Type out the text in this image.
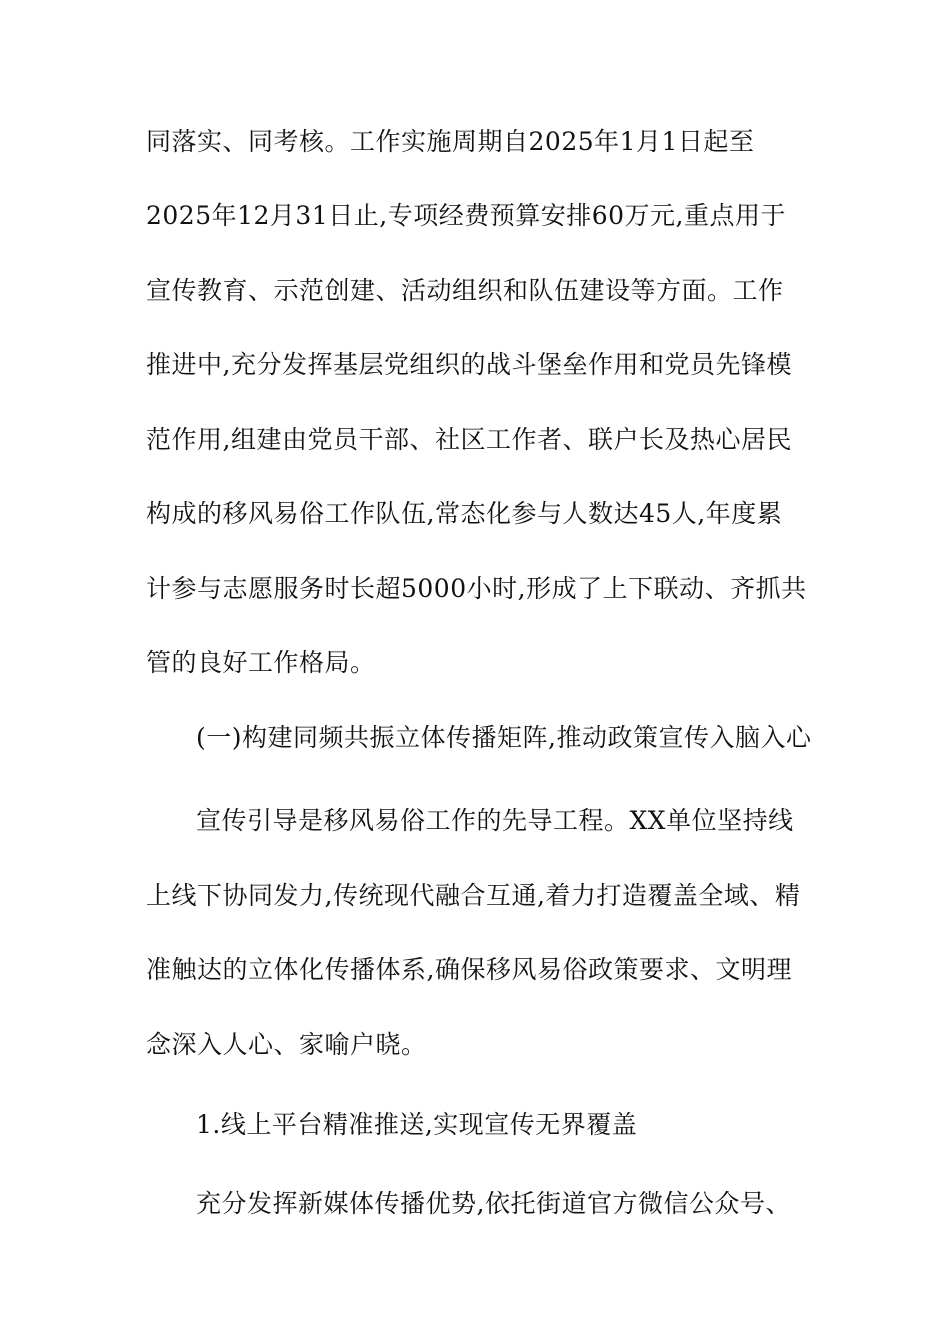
同落实、同考核。工作实施周期自2025年1月1日起至
2025年12月31日止,专项经费预算安排60万元,重点用于
宣传教育、示范创建、活动组织和队伍建设等方面。工作
推进中,充分发挥基层党组织的战斗堡垒作用和党员先锋模
范作用,组建由党员干部、社区工作者、联户长及热心居民
构成的移风易俗工作队伍,常态化参与人数达45人,年度累
计参与志愿服务时长超5000小时,形成了上下联动、齐抓共
管的良好工作格局。
(一)构建同频共振立体传播矩阵,推动政策宣传入脑入心
宣传引导是移风易俗工作的先导工程。XX单位坚持线
上线下协同发力,传统现代融合互通,着力打造覆盖全域、精
准触达的立体化传播体系,确保移风易俗政策要求、文明理
念深入人心、家喻户晓。
1.线上平台精准推送,实现宣传无界覆盖
充分发挥新媒体传播优势,依托街道官方微信公众号、
